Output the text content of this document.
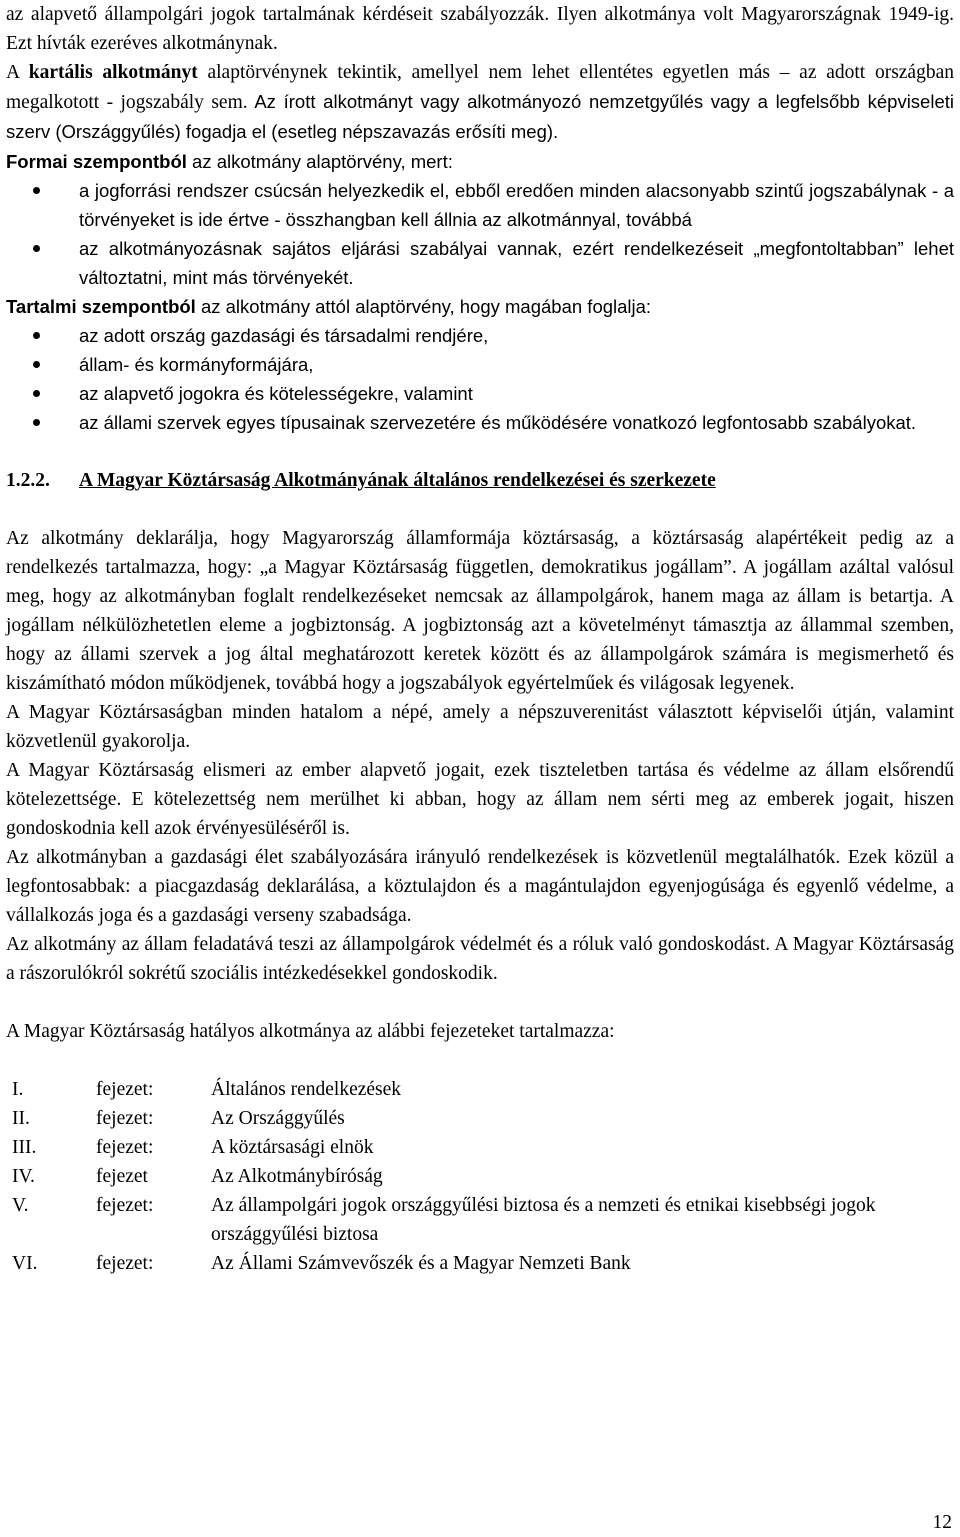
az alapvető állampolgári jogok tartalmának kérdéseit szabályozzák. Ilyen alkotmánya volt Magyarországnak 1949-ig. Ezt hívták ezeréves alkotmánynak.

A kartális alkotmányt alaptörvénynek tekintik, amellyel nem lehet ellentétes egyetlen más – az adott országban megalkotott - jogszabály sem. Az írott alkotmányt vagy alkotmányozó nemzetgyűlés vagy a legfelsőbb képviseleti szerv (Országgyűlés) fogadja el (esetleg népszavazás erősíti meg).

Formai szempontból az alkotmány alaptörvény, mert:

a jogforrási rendszer csúcsán helyezkedik el, ebből eredően minden alacsonyabb szintű jogszabálynak - a törvényeket is ide értve - összhangban kell állnia az alkotmánnyal, továbbá
az alkotmányozásnak sajátos eljárási szabályai vannak, ezért rendelkezéseit „megfontoltabban” lehet változtatni, mint más törvényekét.

Tartalmi szempontból az alkotmány attól alaptörvény, hogy magában foglalja:

az adott ország gazdasági és társadalmi rendjére,
állam- és kormányformájára,
az alapvető jogokra és kötelességekre, valamint
az állami szervek egyes típusainak szervezetére és működésére vonatkozó legfontosabb szabályokat.
1.2.2. A Magyar Köztársaság Alkotmányának általános rendelkezései és szerkezete

Az alkotmány deklarálja, hogy Magyarország államformája köztársaság, a köztársaság alapértékeit pedig az a rendelkezés tartalmazza, hogy: „a Magyar Köztársaság független, demokratikus jogállam”. A jogállam azáltal valósul meg, hogy az alkotmányban foglalt rendelkezéseket nemcsak az állampolgárok, hanem maga az állam is betartja. A jogállam nélkülözhetetlen eleme a jogbiztonság. A jogbiztonság azt a követelményt támasztja az állammal szemben, hogy az állami szervek a jog által meghatározott keretek között és az állampolgárok számára is megismerhető és kiszámítható módon működjenek, továbbá hogy a jogszabályok egyértelműek és világosak legyenek.

A Magyar Köztársaságban minden hatalom a népé, amely a népszuverenitást választott képviselői útján, valamint közvetlenül gyakorolja.

A Magyar Köztársaság elismeri az ember alapvető jogait, ezek tiszteletben tartása és védelme az állam elsőrendű kötelezettsége. E kötelezettség nem merülhet ki abban, hogy az állam nem sérti meg az emberek jogait, hiszen gondoskodnia kell azok érvényesüléséről is.

Az alkotmányban a gazdasági élet szabályozására irányuló rendelkezések is közvetlenül megtalálhatók. Ezek közül a legfontosabbak: a piacgazdaság deklarálása, a köztulajdon és a magántulajdon egyenjogúsága és egyenlő védelme, a vállalkozás joga és a gazdasági verseny szabadsága.

Az alkotmány az állam feladatává teszi az állampolgárok védelmét és a róluk való gondoskodást. A Magyar Köztársaság a rászorulókról sokrétű szociális intézkedésekkel gondoskodik.

A Magyar Köztársaság hatályos alkotmánya az alábbi fejezeteket tartalmazza:

I.	fejezet:	Általános rendelkezések
II.	fejezet:	Az Országgyűlés
III.	fejezet:	A köztársasági elnök
IV.	fejezet	Az Alkotmánybíróság
V.	fejezet:	Az állampolgári jogok országgyűlési biztosa és a nemzeti és etnikai kisebbségi jogok országgyűlési biztosa
VI.	fejezet:	Az Állami Számvevőszék és a Magyar Nemzeti Bank
12
